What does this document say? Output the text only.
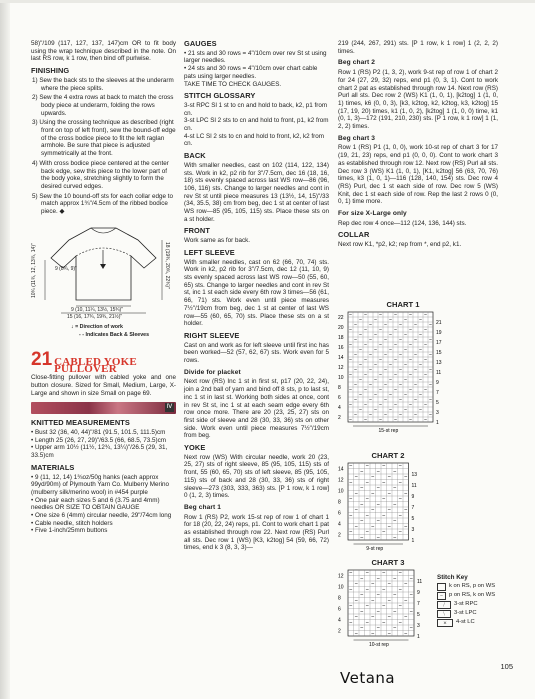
58)"/109 (117, 127, 137, 147)cm OR to fit body using the wrap technique described in the note. On last RS row, k 1 row, then bind off purlwise.
FINISHING
1) Sew the back sts to the sleeves at the underarm where the piece splits.
2) Sew the 4 extra rows at back to match the cross body piece at underarm, folding the rows upwards.
3) Using the crossing technique as described (right front on top of left front), sew the bound-off edge of the cross bodice piece to fit the left raglan armhole. Be sure that piece is adjusted symmetrically at the front.
4) With cross bodice piece centered at the center back edge, sew this piece to the lower part of the body yoke, stretching slightly to form the desired curved edges.
5) Sew the 10 bound-off sts for each collar edge to match approx 1¾"/4.5cm of the ribbed bodice piece. ◆
10¾ (11¾, 12, 13¾, 14)"	18 (19¾, 20¾, 22¾)"
9 (8¾, 9)"
9 (10, 11¼, 13½, 15¾)"
15 (16, 17¾, 19¾, 21½)"
↓ = Direction of work
- - Indicates Back & Sleeves
21 CABLED YOKE PULLOVER
Close-fitting pullover with cabled yoke and one button closure. Sized for Small, Medium, Large, X-Large and shown in size Small on page 69.
Ⅳ
KNITTED MEASUREMENTS
• Bust 32 (36, 40, 44)"/81 (91.5, 101.5, 111.5)cm
• Length 25 (26, 27, 29)"/63.5 (66, 68.5, 73.5)cm
• Upper arm 10½ (11½, 12¾, 13¼)"/26.5 (29, 31, 33.5)cm
MATERIALS
• 9 (11, 12, 14) 1¾oz/50g hanks (each approx 99yd/90m) of Plymouth Yarn Co. Mulberry Merino (mulberry silk/merino wool) in #454 purple
• One pair each sizes 5 and 6 (3.75 and 4mm) needles OR SIZE TO OBTAIN GAUGE
• One size 6 (4mm) circular needle, 29"/74cm long
• Cable needle, stitch holders
• Five 1-inch/25mm buttons
GAUGES
• 21 sts and 30 rows = 4"/10cm over rev St st using larger needles.
• 24 sts and 30 rows = 4"/10cm over chart cable pats using larger needles.
TAKE TIME TO CHECK GAUGES.
STITCH GLOSSARY
3-st RPC Sl 1 st to cn and hold to back, k2, p1 from cn.
3-st LPC Sl 2 sts to cn and hold to front, p1, k2 from cn.
4-st LC Sl 2 sts to cn and hold to front, k2, k2 from cn.
BACK
With smaller needles, cast on 102 (114, 122, 134) sts. Work in k2, p2 rib for 3"/7.5cm, dec 16 (18, 16, 18) sts evenly spaced across last WS row—86 (96, 106, 116) sts. Change to larger needles and cont in rev St st until piece measures 13 (13½, 14, 15)"/33 (34, 35.5, 38) cm from beg, dec 1 st at center of last WS row—85 (95, 105, 115) sts. Place these sts on a st holder.
FRONT
Work same as for back.
LEFT SLEEVE
With smaller needles, cast on 62 (66, 70, 74) sts. Work in k2, p2 rib for 3"/7.5cm, dec 12 (11, 10, 9) sts evenly spaced across last WS row—50 (55, 60, 65) sts. Change to larger needles and cont in rev St st, inc 1 st each side every 6th row 3 times—56 (61, 66, 71) sts. Work even until piece measures 7½"/19cm from beg, dec 1 st at center of last WS row—55 (60, 65, 70) sts. Place these sts on a st holder.
RIGHT SLEEVE
Cast on and work as for left sleeve until first inc has been worked—52 (57, 62, 67) sts. Work even for 5 rows.
Divide for placket
Next row (RS) Inc 1 st in first st, p17 (20, 22, 24), join a 2nd ball of yarn and bind off 8 sts, p to last st, inc 1 st in last st. Working both sides at once, cont in rev St st, inc 1 st at each seam edge every 6th row once more. There are 20 (23, 25, 27) sts on first side of sleeve and 28 (30, 33, 36) sts on other side. Work even until piece measures 7½"/19cm from beg.
YOKE
Next row (WS) With circular needle, work 20 (23, 25, 27) sts of right sleeve, 85 (95, 105, 115) sts of front, 55 (60, 65, 70) sts of left sleeve, 85 (95, 105, 115) sts of back and 28 (30, 33, 36) sts of right sleeve—273 (303, 333, 363) sts. [P 1 row, k 1 row] 0 (1, 2, 3) times.
Beg chart 1
Row 1 (RS) P2, work 15-st rep of row 1 of chart 1 for 18 (20, 22, 24) reps, p1. Cont to work chart 1 pat as established through row 22. Next row (RS) Purl all sts. Dec row 1 (WS) [K3, k2tog] 54 (59, 66, 72) times, end k 3 (8, 3, 3)—
219 (244, 267, 291) sts. [P 1 row, k 1 row] 1 (2, 2, 2) times.
Beg chart 2
Row 1 (RS) P2 (1, 3, 2), work 9-st rep of row 1 of chart 2 for 24 (27, 29, 32) reps, end p1 (0, 3, 1). Cont to work chart 2 pat as established through row 14. Next row (RS) Purl all sts. Dec row 2 (WS) K1 (1, 0, 1), [k2tog] 1 (1, 0, 1) times, k6 (0, 0, 3), [k3, k2tog, k2, k2tog, k3, k2tog] 15 (17, 19, 20) times, k1 (1, 0, 2), [k2tog] 1 (1, 0, 0) time, k1 (0, 1, 3)—172 (191, 210, 230) sts. [P 1 row, k 1 row] 1 (1, 2, 2) times.
Beg chart 3
Row 1 (RS) P1 (1, 0, 0), work 10-st rep of chart 3 for 17 (19, 21, 23) reps, end p1 (0, 0, 0). Cont to work chart 3 as established through row 12. Next row (RS) Purl all sts. Dec row 3 (WS) K1 (1, 0, 1), [K1, k2tog] 56 (63, 70, 76) times, k3 (1, 0, 1)—116 (128, 140, 154) sts. Dec row 4 (RS) Purl, dec 1 st each side of row. Dec row 5 (WS) Knit, dec 1 st each side of row. Rep the last 2 rows 0 (0, 0, 1) time more.
For size X-Large only
Rep dec row 4 once—112 (124, 136, 144) sts.
COLLAR
Next row K1, *p2, k2; rep from *, end p2, k1.
CHART 1
22
20
18
16
14
12
10
8
6
4
2
21
19
17
15
13
11
9
7
5
3
1
15-st rep
CHART 2
14
12
10
8
6
4
2
13
11
9
7
5
3
1
9-st rep
CHART 3
12
10
8
6
4
2
11
9
7
5
3
1
10-st rep
Stitch Key
k on RS, p on WS
–	p on RS, k on WS
⧸	3-st RPC
⧹	3-st LPC
⨯	4-st LC
105
Vetana
